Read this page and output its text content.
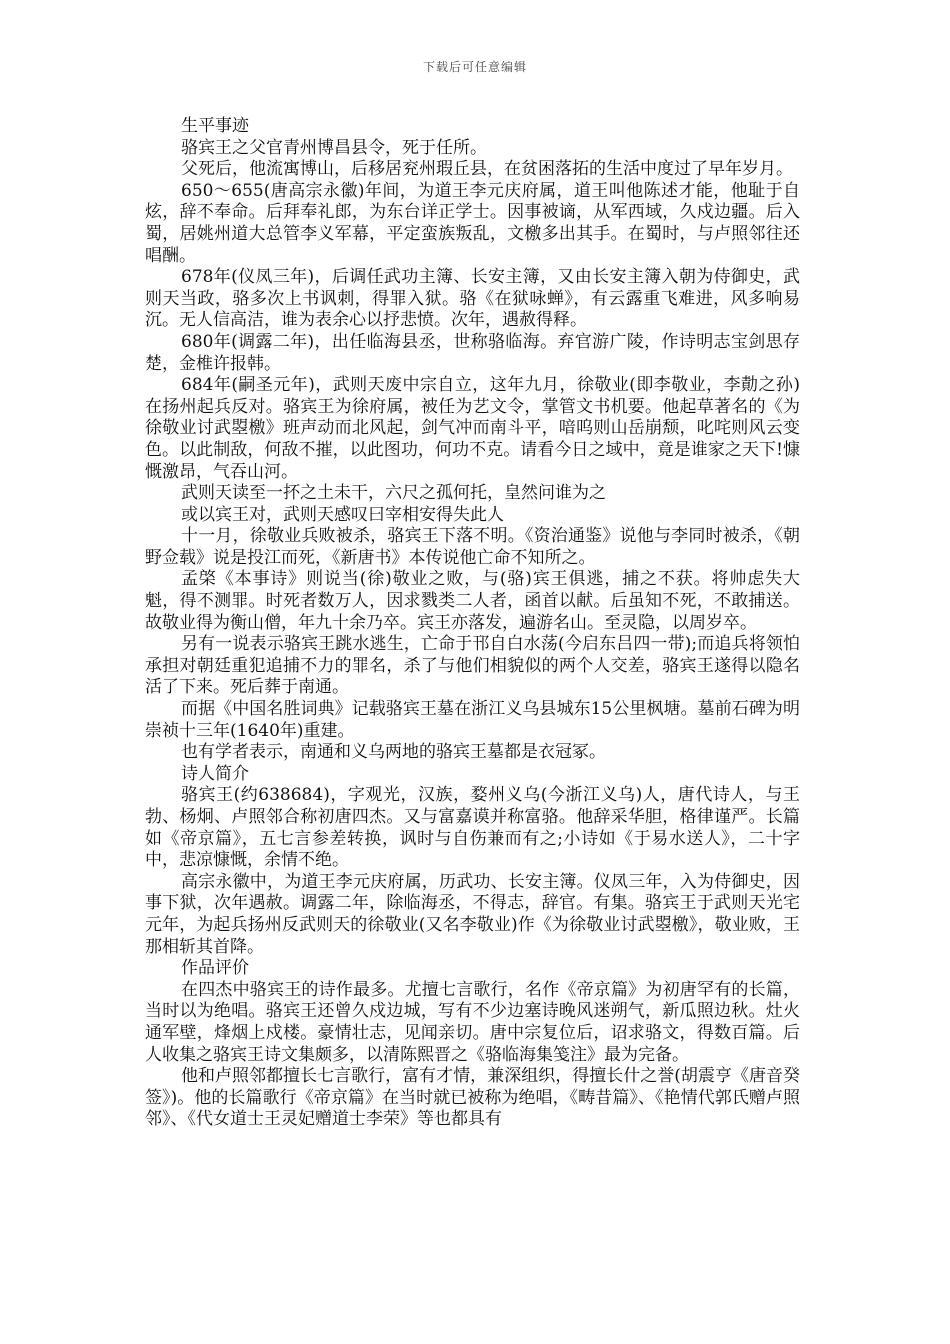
下载后可任意编辑

生平事迹

骆宾王之父官青州博昌县令，死于任所。

父死后，他流寓博山，后移居兖州瑕丘县，在贫困落拓的生活中度过了早年岁月。

650～655(唐高宗永徽)年间，为道王李元庆府属，道王叫他陈述才能，他耻于自炫，辞不奉命。后拜奉礼郎，为东台详正学士。因事被谪，从军西域，久戍边疆。后入蜀，居姚州道大总管李义军幕，平定蛮族叛乱，文檄多出其手。在蜀时，与卢照邻往还唱酬。

678年(仪凤三年)，后调任武功主簿、长安主簿，又由长安主簿入朝为侍御史，武则天当政，骆多次上书讽刺，得罪入狱。骆《在狱咏蝉》，有云露重飞难进，风多响易沉。无人信高洁，谁为表余心以抒悲愤。次年，遇赦得释。

680年(调露二年)，出任临海县丞，世称骆临海。弃官游广陵，作诗明志宝剑思存楚，金椎许报韩。

684年(嗣圣元年)，武则天废中宗自立，这年九月，徐敬业(即李敬业，李勣之孙)在扬州起兵反对。骆宾王为徐府属，被任为艺文令，掌管文书机要。他起草著名的《为徐敬业讨武曌檄》班声动而北风起，剑气冲而南斗平，喑呜则山岳崩颓，叱咤则风云变色。以此制敌，何敌不摧，以此图功，何功不克。请看今日之域中，竟是谁家之天下!慷慨激昂，气吞山河。

武则天读至一抔之土未干，六尺之孤何托，皇然问谁为之

或以宾王对，武则天感叹曰宰相安得失此人

十一月，徐敬业兵败被杀，骆宾王下落不明。《资治通鉴》说他与李同时被杀，《朝野佥载》说是投江而死，《新唐书》本传说他亡命不知所之。

孟棨《本事诗》则说当(徐)敬业之败，与(骆)宾王俱逃，捕之不获。将帅虑失大魁，得不测罪。时死者数万人，因求戮类二人者，函首以献。后虽知不死，不敢捕送。故敬业得为衡山僧，年九十余乃卒。宾王亦落发，遍游名山。至灵隐，以周岁卒。

另有一说表示骆宾王跳水逃生，亡命于邗自白水荡(今启东吕四一带);而追兵将领怕承担对朝廷重犯追捕不力的罪名，杀了与他们相貌似的两个人交差，骆宾王遂得以隐名活了下来。死后葬于南通。

而据《中国名胜词典》记载骆宾王墓在浙江义乌县城东15公里枫塘。墓前石碑为明崇祯十三年(1640年)重建。

也有学者表示，南通和义乌两地的骆宾王墓都是衣冠冢。

诗人简介

骆宾王(约638684)，字观光，汉族，婺州义乌(今浙江义乌)人，唐代诗人，与王勃、杨炯、卢照邻合称初唐四杰。又与富嘉谟并称富骆。他辞采华胆，格律谨严。长篇如《帝京篇》，五七言参差转换，讽时与自伤兼而有之;小诗如《于易水送人》，二十字中，悲凉慷慨，余情不绝。

高宗永徽中，为道王李元庆府属，历武功、长安主簿。仪凤三年，入为侍御史，因事下狱，次年遇赦。调露二年，除临海丞，不得志，辞官。有集。骆宾王于武则天光宅元年，为起兵扬州反武则天的徐敬业(又名李敬业)作《为徐敬业讨武曌檄》，敬业败，王那相斩其首降。

作品评价

在四杰中骆宾王的诗作最多。尤擅七言歌行，名作《帝京篇》为初唐罕有的长篇，当时以为绝唱。骆宾王还曾久戍边城，写有不少边塞诗晚风迷朔气，新瓜照边秋。灶火通军壁，烽烟上戍楼。豪情壮志，见闻亲切。唐中宗复位后，诏求骆文，得数百篇。后人收集之骆宾王诗文集颇多，以清陈熙晋之《骆临海集笺注》最为完备。

他和卢照邻都擅长七言歌行，富有才情，兼深组织，得擅长什之誉(胡震亨《唐音癸签》)。他的长篇歌行《帝京篇》在当时就已被称为绝唱，《畴昔篇》、《艳情代郭氏赠卢照邻》、《代女道士王灵妃赠道士李荣》等也都具有
